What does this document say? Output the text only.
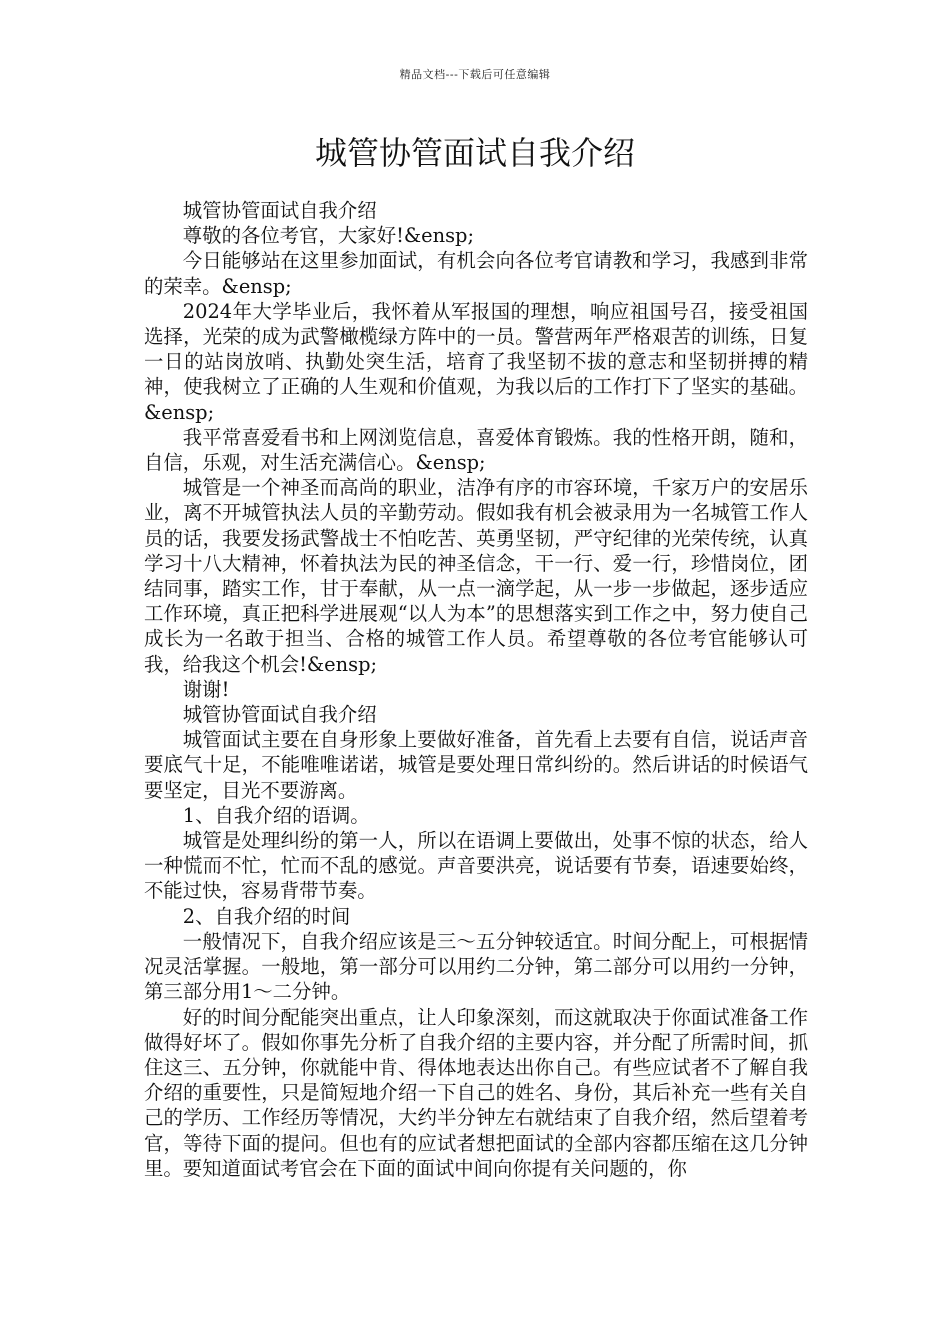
精品文档---下载后可任意编辑
城管协管面试自我介绍

城管协管面试自我介绍

尊敬的各位考官，大家好!&ensp;

今日能够站在这里参加面试，有机会向各位考官请教和学习，我感到非常的荣幸。&ensp;

2024年大学毕业后，我怀着从军报国的理想，响应祖国号召，接受祖国选择，光荣的成为武警橄榄绿方阵中的一员。警营两年严格艰苦的训练，日复一日的站岗放哨、执勤处突生活，培育了我坚韧不拔的意志和坚韧拼搏的精神，使我树立了正确的人生观和价值观，为我以后的工作打下了坚实的基础。&ensp;

我平常喜爱看书和上网浏览信息，喜爱体育锻炼。我的性格开朗，随和，自信，乐观，对生活充满信心。&ensp;

城管是一个神圣而高尚的职业，洁净有序的市容环境，千家万户的安居乐业，离不开城管执法人员的辛勤劳动。假如我有机会被录用为一名城管工作人员的话，我要发扬武警战士不怕吃苦、英勇坚韧，严守纪律的光荣传统，认真学习十八大精神，怀着执法为民的神圣信念，干一行、爱一行，珍惜岗位，团结同事，踏实工作，甘于奉献，从一点一滴学起，从一步一步做起，逐步适应工作环境，真正把科学进展观“以人为本”的思想落实到工作之中，努力使自己成长为一名敢于担当、合格的城管工作人员。希望尊敬的各位考官能够认可我，给我这个机会!&ensp;

谢谢!

城管协管面试自我介绍

城管面试主要在自身形象上要做好准备，首先看上去要有自信，说话声音要底气十足，不能唯唯诺诺，城管是要处理日常纠纷的。然后讲话的时候语气要坚定，目光不要游离。

1、自我介绍的语调。

城管是处理纠纷的第一人，所以在语调上要做出，处事不惊的状态，给人一种慌而不忙，忙而不乱的感觉。声音要洪亮，说话要有节奏，语速要始终，不能过快，容易背带节奏。

2、自我介绍的时间

一般情况下，自我介绍应该是三～五分钟较适宜。时间分配上，可根据情况灵活掌握。一般地，第一部分可以用约二分钟，第二部分可以用约一分钟，第三部分用1～二分钟。

好的时间分配能突出重点，让人印象深刻，而这就取决于你面试准备工作做得好坏了。假如你事先分析了自我介绍的主要内容，并分配了所需时间，抓住这三、五分钟，你就能中肯、得体地表达出你自己。有些应试者不了解自我介绍的重要性，只是简短地介绍一下自己的姓名、身份，其后补充一些有关自己的学历、工作经历等情况，大约半分钟左右就结束了自我介绍，然后望着考官，等待下面的提问。但也有的应试者想把面试的全部内容都压缩在这几分钟里。要知道面试考官会在下面的面试中间向你提有关问题的，你
